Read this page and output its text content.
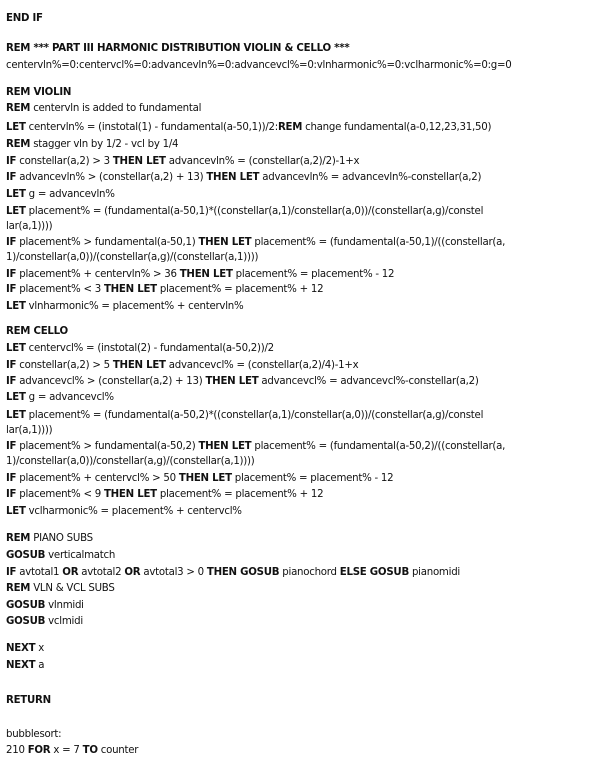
END IF
REM *** PART III HARMONIC DISTRIBUTION VIOLIN & CELLO ***
centervln%=0:centervcl%=0:advancevln%=0:advancevcl%=0:vlnharmonic%=0:vclharmonic%=0:g=0
REM VIOLIN
REM centervln is added to fundamental
LET centervln% = (instotal(1) - fundamental(a-50,1))/2:REM change fundamental(a-0,12,23,31,50)
REM stagger vln by 1/2 - vcl by 1/4
IF constellar(a,2) > 3 THEN LET advancevln% = (constellar(a,2)/2)-1+x
IF advancevln% > (constellar(a,2) + 13) THEN LET advancevln% = advancevln%-constellar(a,2)
LET g = advancevln%
LET placement% = (fundamental(a-50,1)*((constellar(a,1)/constellar(a,0))/(constellar(a,g)/constel
lar(a,1))))
IF placement% > fundamental(a-50,1) THEN LET placement% = (fundamental(a-50,1)/((constellar(a,
1)/constellar(a,0))/(constellar(a,g)/(constellar(a,1))))
IF placement% + centervln% > 36 THEN LET placement% = placement% - 12
IF placement% < 3 THEN LET placement% = placement% + 12
LET vlnharmonic% = placement% + centervln%
REM CELLO
LET centervcl% = (instotal(2) - fundamental(a-50,2))/2
IF constellar(a,2) > 5 THEN LET advancevcl% = (constellar(a,2)/4)-1+x
IF advancevcl% > (constellar(a,2) + 13) THEN LET advancevcl% = advancevcl%-constellar(a,2)
LET g = advancevcl%
LET placement% = (fundamental(a-50,2)*((constellar(a,1)/constellar(a,0))/(constellar(a,g)/constel
lar(a,1))))
IF placement% > fundamental(a-50,2) THEN LET placement% = (fundamental(a-50,2)/((constellar(a,
1)/constellar(a,0))/constellar(a,g)/(constellar(a,1))))
IF placement% + centervcl% > 50 THEN LET placement% = placement% - 12
IF placement% < 9 THEN LET placement% = placement% + 12
LET vclharmonic% = placement% + centervcl%
REM PIANO SUBS
GOSUB verticalmatch
IF avtotal1 OR avtotal2 OR avtotal3 > 0 THEN GOSUB pianochord ELSE GOSUB pianomidi
REM VLN & VCL SUBS
GOSUB vlnmidi
GOSUB vclmidi
NEXT x
NEXT a
RETURN
bubblesort:
210 FOR x = 7 TO counter
